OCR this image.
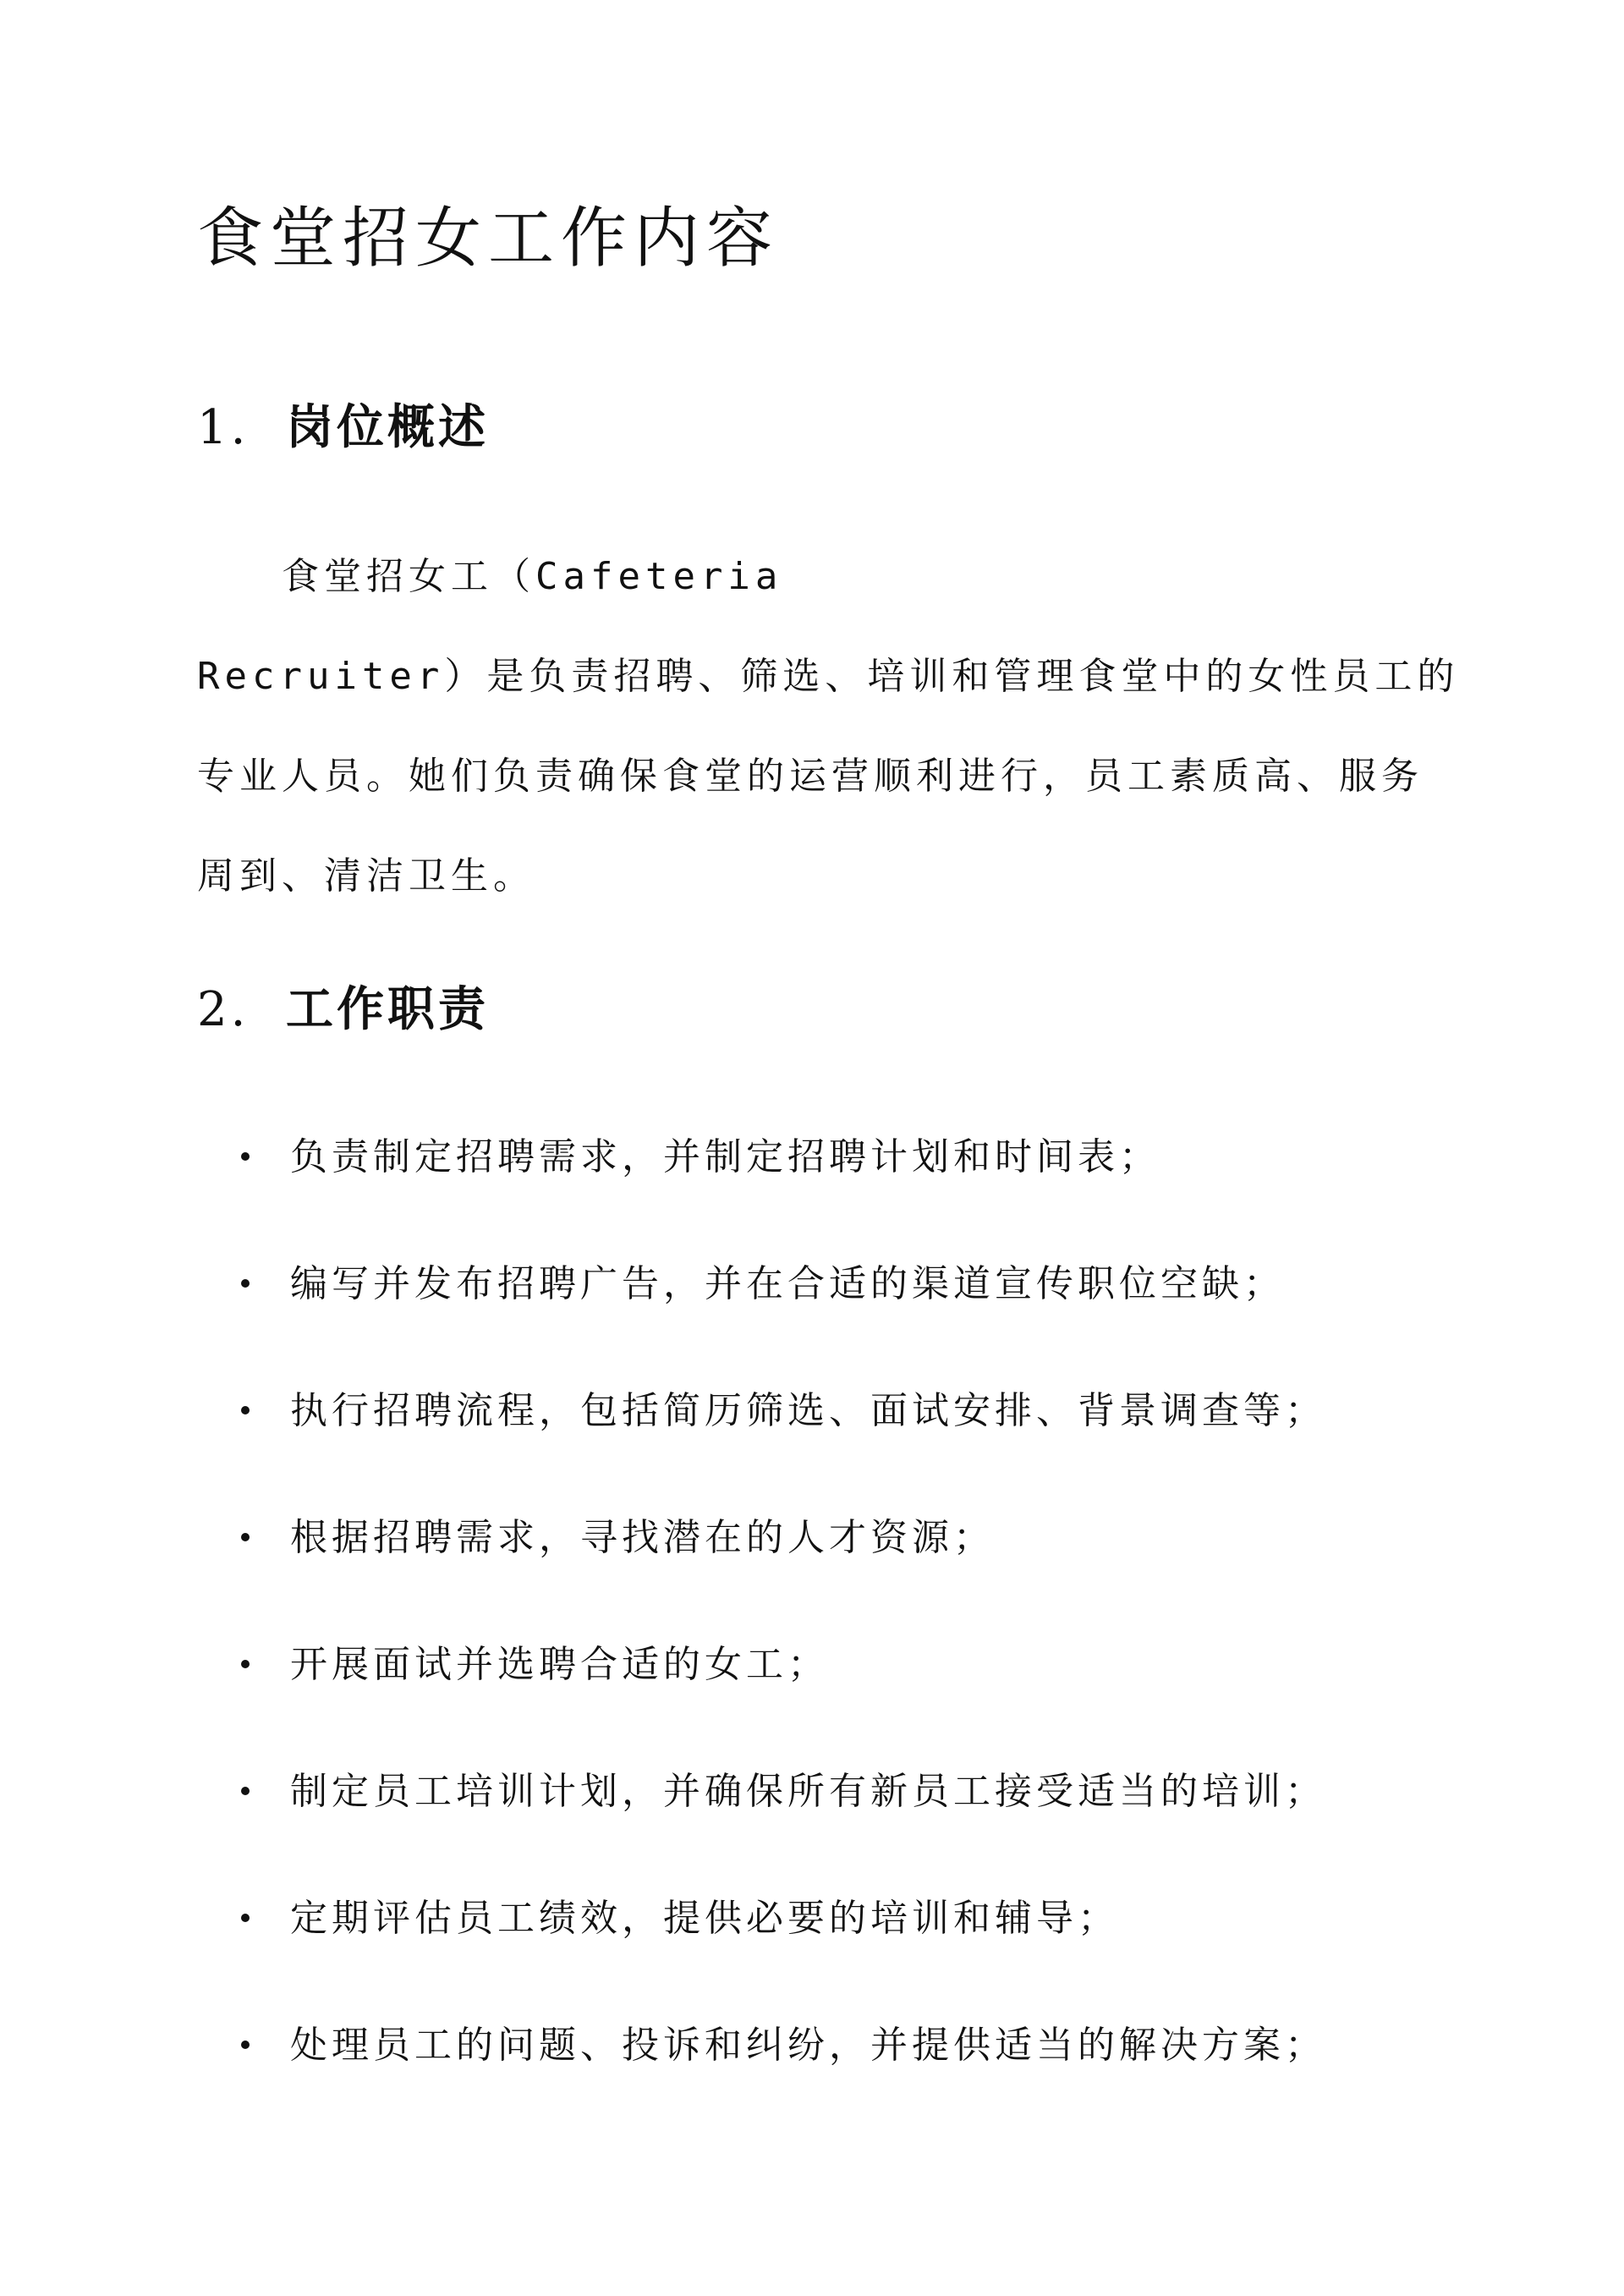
食堂招女工作内容
1. 岗位概述

食堂招女工（Cafeteria

Recruiter）是负责招聘、筛选、培训和管理食堂中的女性员工的

专业人员。她们负责确保食堂的运营顺利进行，员工素质高、服务

周到、清洁卫生。

2. 工作职责
负责制定招聘需求，并制定招聘计划和时间表；
编写并发布招聘广告，并在合适的渠道宣传职位空缺；
执行招聘流程，包括简历筛选、面试安排、背景调查等；
根据招聘需求，寻找潜在的人才资源；
开展面试并选聘合适的女工；
制定员工培训计划，并确保所有新员工接受适当的培训；
定期评估员工绩效，提供必要的培训和辅导；
处理员工的问题、投诉和纠纷，并提供适当的解决方案；
